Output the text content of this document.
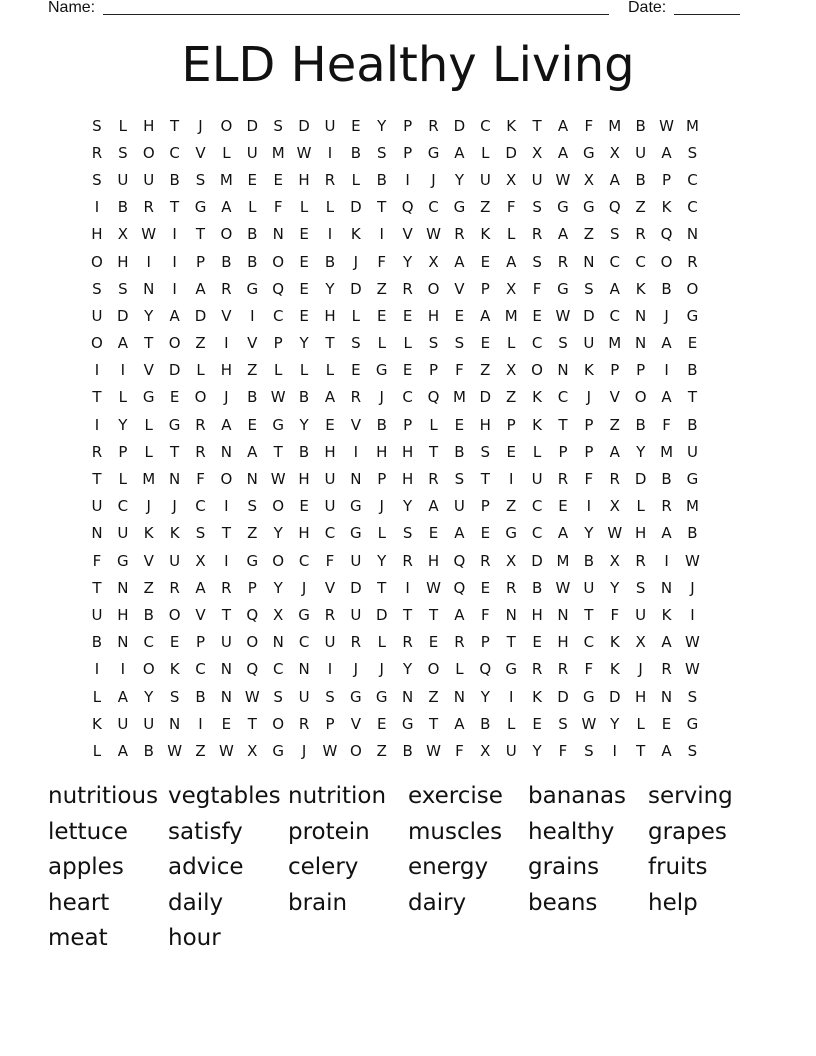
Name:	Date:
ELD Healthy Living
S	L	H	T	J	O D	S	D U	E	Y	P	R D C	K	T	A	F	M B W M
R	S	O C	V	L	U M W	I	B	S	P	G A	L	D X	A G X	U	A	S
S	U U	B	S M E	E	H	R	L	B	I	J	Y	U	X	U W X	A	B	P	C
I	B	R	T	G A	L	F	L	L	D	T	Q C G Z	F	S	G G Q Z	K	C
H	X W	I	T	O B	N	E	I	K	I	V W R	K	L	R	A	Z	S	R Q N
O H	I	I	P	B	B O	E	B	J	F	Y	X	A	E	A	S	R	N	C	C O R
S	S	N	I	A	R G Q	E	Y	D Z	R O V	P	X	F	G	S	A	K	B O
U D	Y	A D V	I	C	E	H	L	E	E	H	E	A M E W D C	N	J	G
O A	T	O Z	I	V	P	Y	T	S	L	L	S	S	E	L	C	S	U M N	A	E
I	I	V D	L	H	Z	L	L	L	E	G	E	P	F	Z	X O N	K	P	P	I	B
T	L	G	E	O	J	B W B	A	R	J	C Q M D Z	K	C	J	V O A	T
I	Y	L	G R	A	E	G	Y	E	V	B	P	L	E	H	P	K	T	P	Z	B	F	B
R	P	L	T	R	N	A	T	B	H	I	H H	T	B	S	E	L	P	P	A	Y M U
T	L	M N	F	O N W H U N	P	H	R	S	T	I	U	R	F	R D B G
U	C	J	J	C	I	S	O	E	U G	J	Y	A	U	P	Z	C	E	I	X	L	R M
N U	K	K	S	T	Z	Y	H	C G	L	S	E	A	E	G C	A	Y W H	A	B
F	G V	U	X	I	G O C	F	U	Y	R	H Q R	X D M B	X	R	I	W
T	N	Z	R	A	R	P	Y	J	V D	T	I	W Q	E	R	B W U	Y	S	N	J
U H	B O V	T	Q X G R	U D	T	T	A	F	N H N	T	F	U	K	I
B	N	C	E	P	U O N	C	U	R	L	R	E	R	P	T	E	H	C	K	X	A W
I	I	O	K	C	N Q C	N	I	J	J	Y	O	L	Q G R	R	F	K	J	R W
L	A	Y	S	B	N W S	U	S	G G N	Z	N	Y	I	K	D G D H N	S
K	U U N	I	E	T	O R	P	V	E	G	T	A	B	L	E	S W Y	L	E	G
L	A	B W Z W X G	J	W O Z	B W F	X	U	Y	F	S	I	T	A	S
nutritious vegtables nutrition exercise	bananas serving
lettuce	satisfy	protein	muscles	healthy	grapes
apples	advice	celery	energy	grains	fruits
heart	daily	brain	dairy	beans	help
meat	hour
